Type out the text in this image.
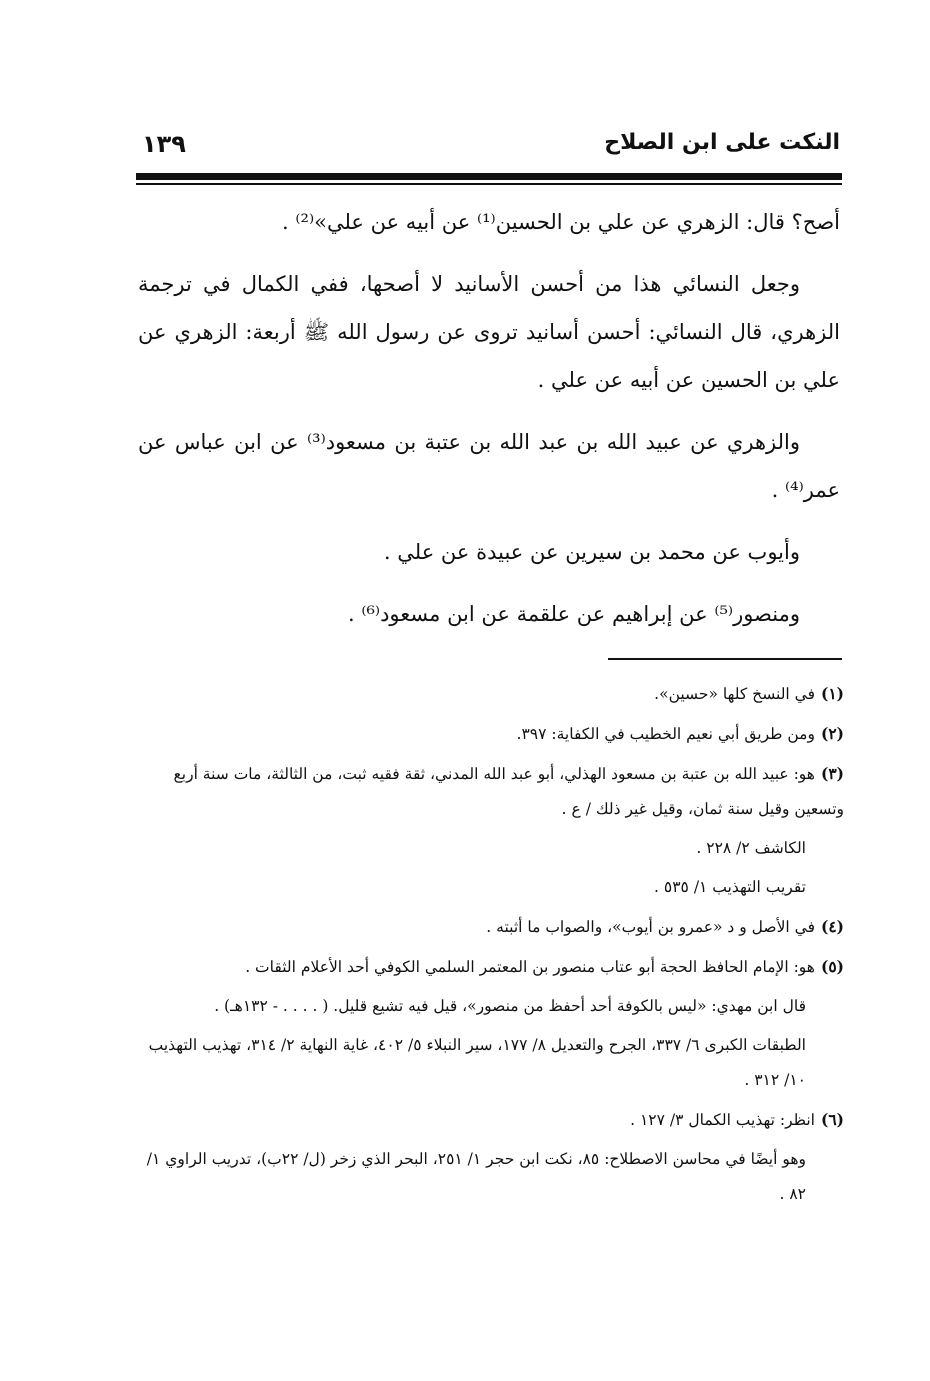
النكت على ابن الصلاح
١٣٩

أصح؟ قال: الزهري عن علي بن الحسين⁽¹⁾ عن أبيه عن علي»⁽²⁾ .

وجعل النسائي هذا من أحسن الأسانيد لا أصحها، ففي الكمال في ترجمة الزهري، قال النسائي: أحسن أسانيد تروى عن رسول الله ﷺ أربعة: الزهري عن علي بن الحسين عن أبيه عن علي .

والزهري عن عبيد الله بن عبد الله بن عتبة بن مسعود⁽³⁾ عن ابن عباس عن عمر⁽⁴⁾ .

وأيوب عن محمد بن سيرين عن عبيدة عن علي .

ومنصور⁽⁵⁾ عن إبراهيم عن علقمة عن ابن مسعود⁽⁶⁾ .

(١)في النسخ كلها «حسين».
(٢)ومن طريق أبي نعيم الخطيب في الكفاية: ٣٩٧.
(٣)هو: عبيد الله بن عتبة بن مسعود الهذلي، أبو عبد الله المدني، ثقة فقيه ثبت، من الثالثة، مات سنة أربع وتسعين وقيل سنة ثمان، وقيل غير ذلك / ع .
الكاشف ٢/ ٢٢٨ .
تقريب التهذيب ١/ ٥٣٥ .
(٤)في الأصل و د «عمرو بن أيوب»، والصواب ما أثبته .
(٥)هو: الإمام الحافظ الحجة أبو عتاب منصور بن المعتمر السلمي الكوفي أحد الأعلام الثقات .
قال ابن مهدي: «ليس بالكوفة أحد أحفظ من منصور»، قيل فيه تشيع قليل. ( . . . . - ١٣٢هـ) .
الطبقات الكبرى ٦/ ٣٣٧، الجرح والتعديل ٨/ ١٧٧، سير النبلاء ٥/ ٤٠٢، غاية النهاية ٢/ ٣١٤، تهذيب التهذيب ١٠/ ٣١٢ .
(٦)انظر: تهذيب الكمال ٣/ ١٢٧ .
وهو أيضًا في محاسن الاصطلاح: ٨٥، نكت ابن حجر ١/ ٢٥١، البحر الذي زخر (ل/ ٢٢ب)، تدريب الراوي ١/ ٨٢ .
